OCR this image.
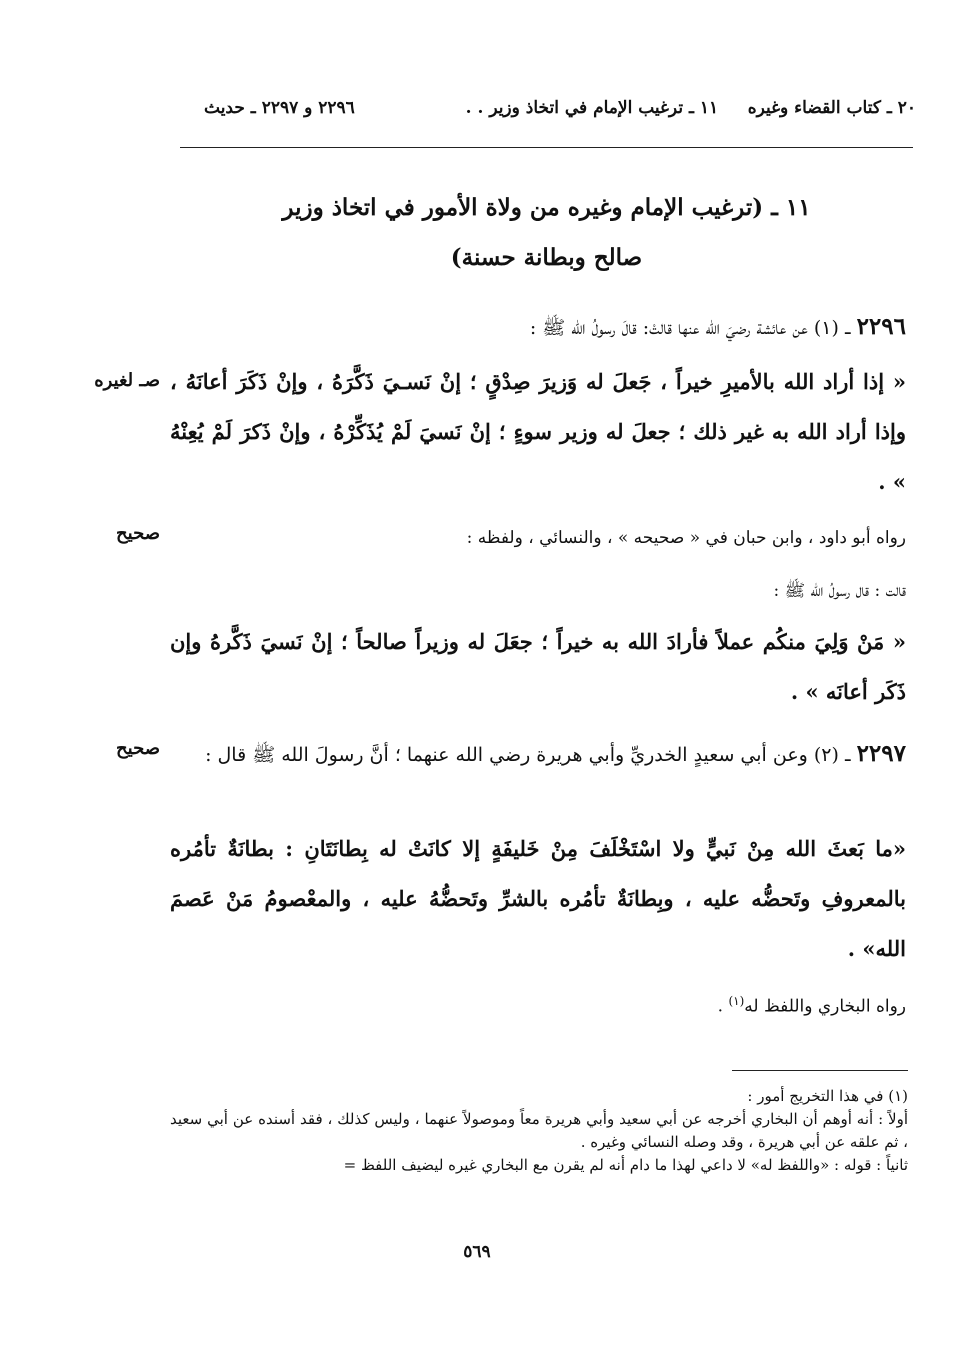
٢٠ ـ كتاب القضاء وغيره     ١١ ـ ترغيب الإمام في اتخاذ وزير . .
٢٢٩٦ و ٢٢٩٧ ـ حديث
١١ ـ (ترغيب الإمام وغيره من ولاة الأمور في اتخاذ وزير
صالح وبطانة حسنة)
٢٢٩٦ ـ (١) عن عائشة رضيَ الله عنها قالتْ: قالَ رسولُ الله ﷺ :
« إذا أراد الله بالأميرِ خيراً ، جَعلَ له وَزيرَ صِدْقٍ ؛ إنْ نَسـيَ ذَكَّرَهُ ، وإنْ ذَكَرَ أعانَهُ ، وإذا أراد الله به غير ذلك ؛ جعلَ له وزير سوءٍ ؛ إنْ نَسيَ لَمْ يُذَكِّرْهُ ، وإنْ ذَكرَ لَمْ يُعِنْهُ » .
صـ لغيره
رواه أبو داود ، وابن حبان في « صحيحه » ، والنسائي ، ولفظه :
صحيح
قالت : قال رسولُ الله ﷺ :
« مَنْ وَلِيَ منكُم عملاً فأرادَ الله به خيراً ؛ جعَلَ له وزيراً صالحاً ؛ إنْ نَسيَ ذَكَّرهُ وإن ذَكَر أعانَه » .
٢٢٩٧ ـ (٢) وعن أبي سعيدٍ الخدريِّ وأبي هريرة رضي الله عنهما ؛ أنَّ رسولَ الله ﷺ قال :
صحيح
«ما بَعثَ الله مِنْ نَبيٍّ ولا اسْتَخْلَفَ مِنْ خَليفَةٍ إلا كانَتْ له بِطانَتَانِ : بطانَةٌ تأمُره بالمعروفِ وتَحضُّه عليه ، وبِطانَةٌ تأمُره بالشرِّ وتَحضُّهُ عليه ، والمعْصومُ مَنْ عَصمَ الله» .
رواه البخاري واللفظ له$^{(١)}$ .

(١) في هذا التخريج أمور :

أولاً : أنه أوهم أن البخاري أخرجه عن أبي سعيد وأبي هريرة معاً وموصولاً عنهما ، وليس كذلك ، فقد أسنده عن أبي سعيد ، ثم علقه عن أبي هريرة ، وقد وصله النسائي وغيره .

ثانياً : قوله : «واللفظ له» لا داعي لهذا ما دام أنه لم يقرن مع البخاري غيره ليضيف اللفظ =

٥٦٩
